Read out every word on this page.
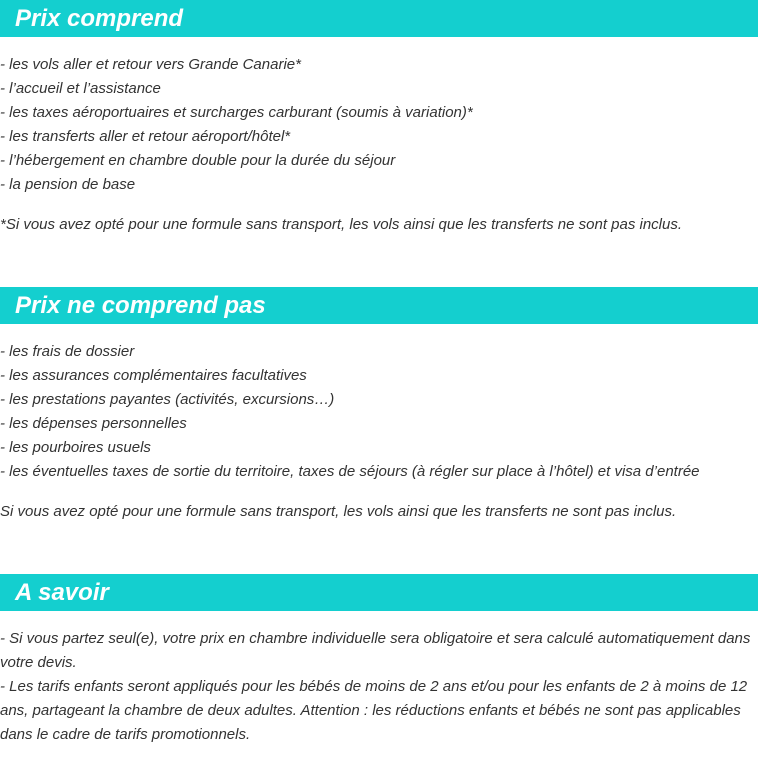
Prix comprend
- les vols aller et retour vers Grande Canarie*
- l’accueil et l’assistance
- les taxes aéroportuaires et surcharges carburant (soumis à variation)*
- les transferts aller et retour aéroport/hôtel*
- l’hébergement en chambre double pour la durée du séjour
- la pension de base
*Si vous avez opté pour une formule sans transport, les vols ainsi que les transferts ne sont pas inclus.
Prix ne comprend pas
- les frais de dossier
- les assurances complémentaires facultatives
- les prestations payantes (activités, excursions…)
- les dépenses personnelles
- les pourboires usuels
- les éventuelles taxes de sortie du territoire, taxes de séjours (à régler sur place à l’hôtel) et visa d’entrée
Si vous avez opté pour une formule sans transport, les vols ainsi que les transferts ne sont pas inclus.
A savoir
- Si vous partez seul(e), votre prix en chambre individuelle sera obligatoire et sera calculé automatiquement dans votre devis.
- Les tarifs enfants seront appliqués pour les bébés de moins de 2 ans et/ou pour les enfants de 2 à moins de 12 ans, partageant la chambre de deux adultes. Attention : les réductions enfants et bébés ne sont pas applicables dans le cadre de tarifs promotionnels.
